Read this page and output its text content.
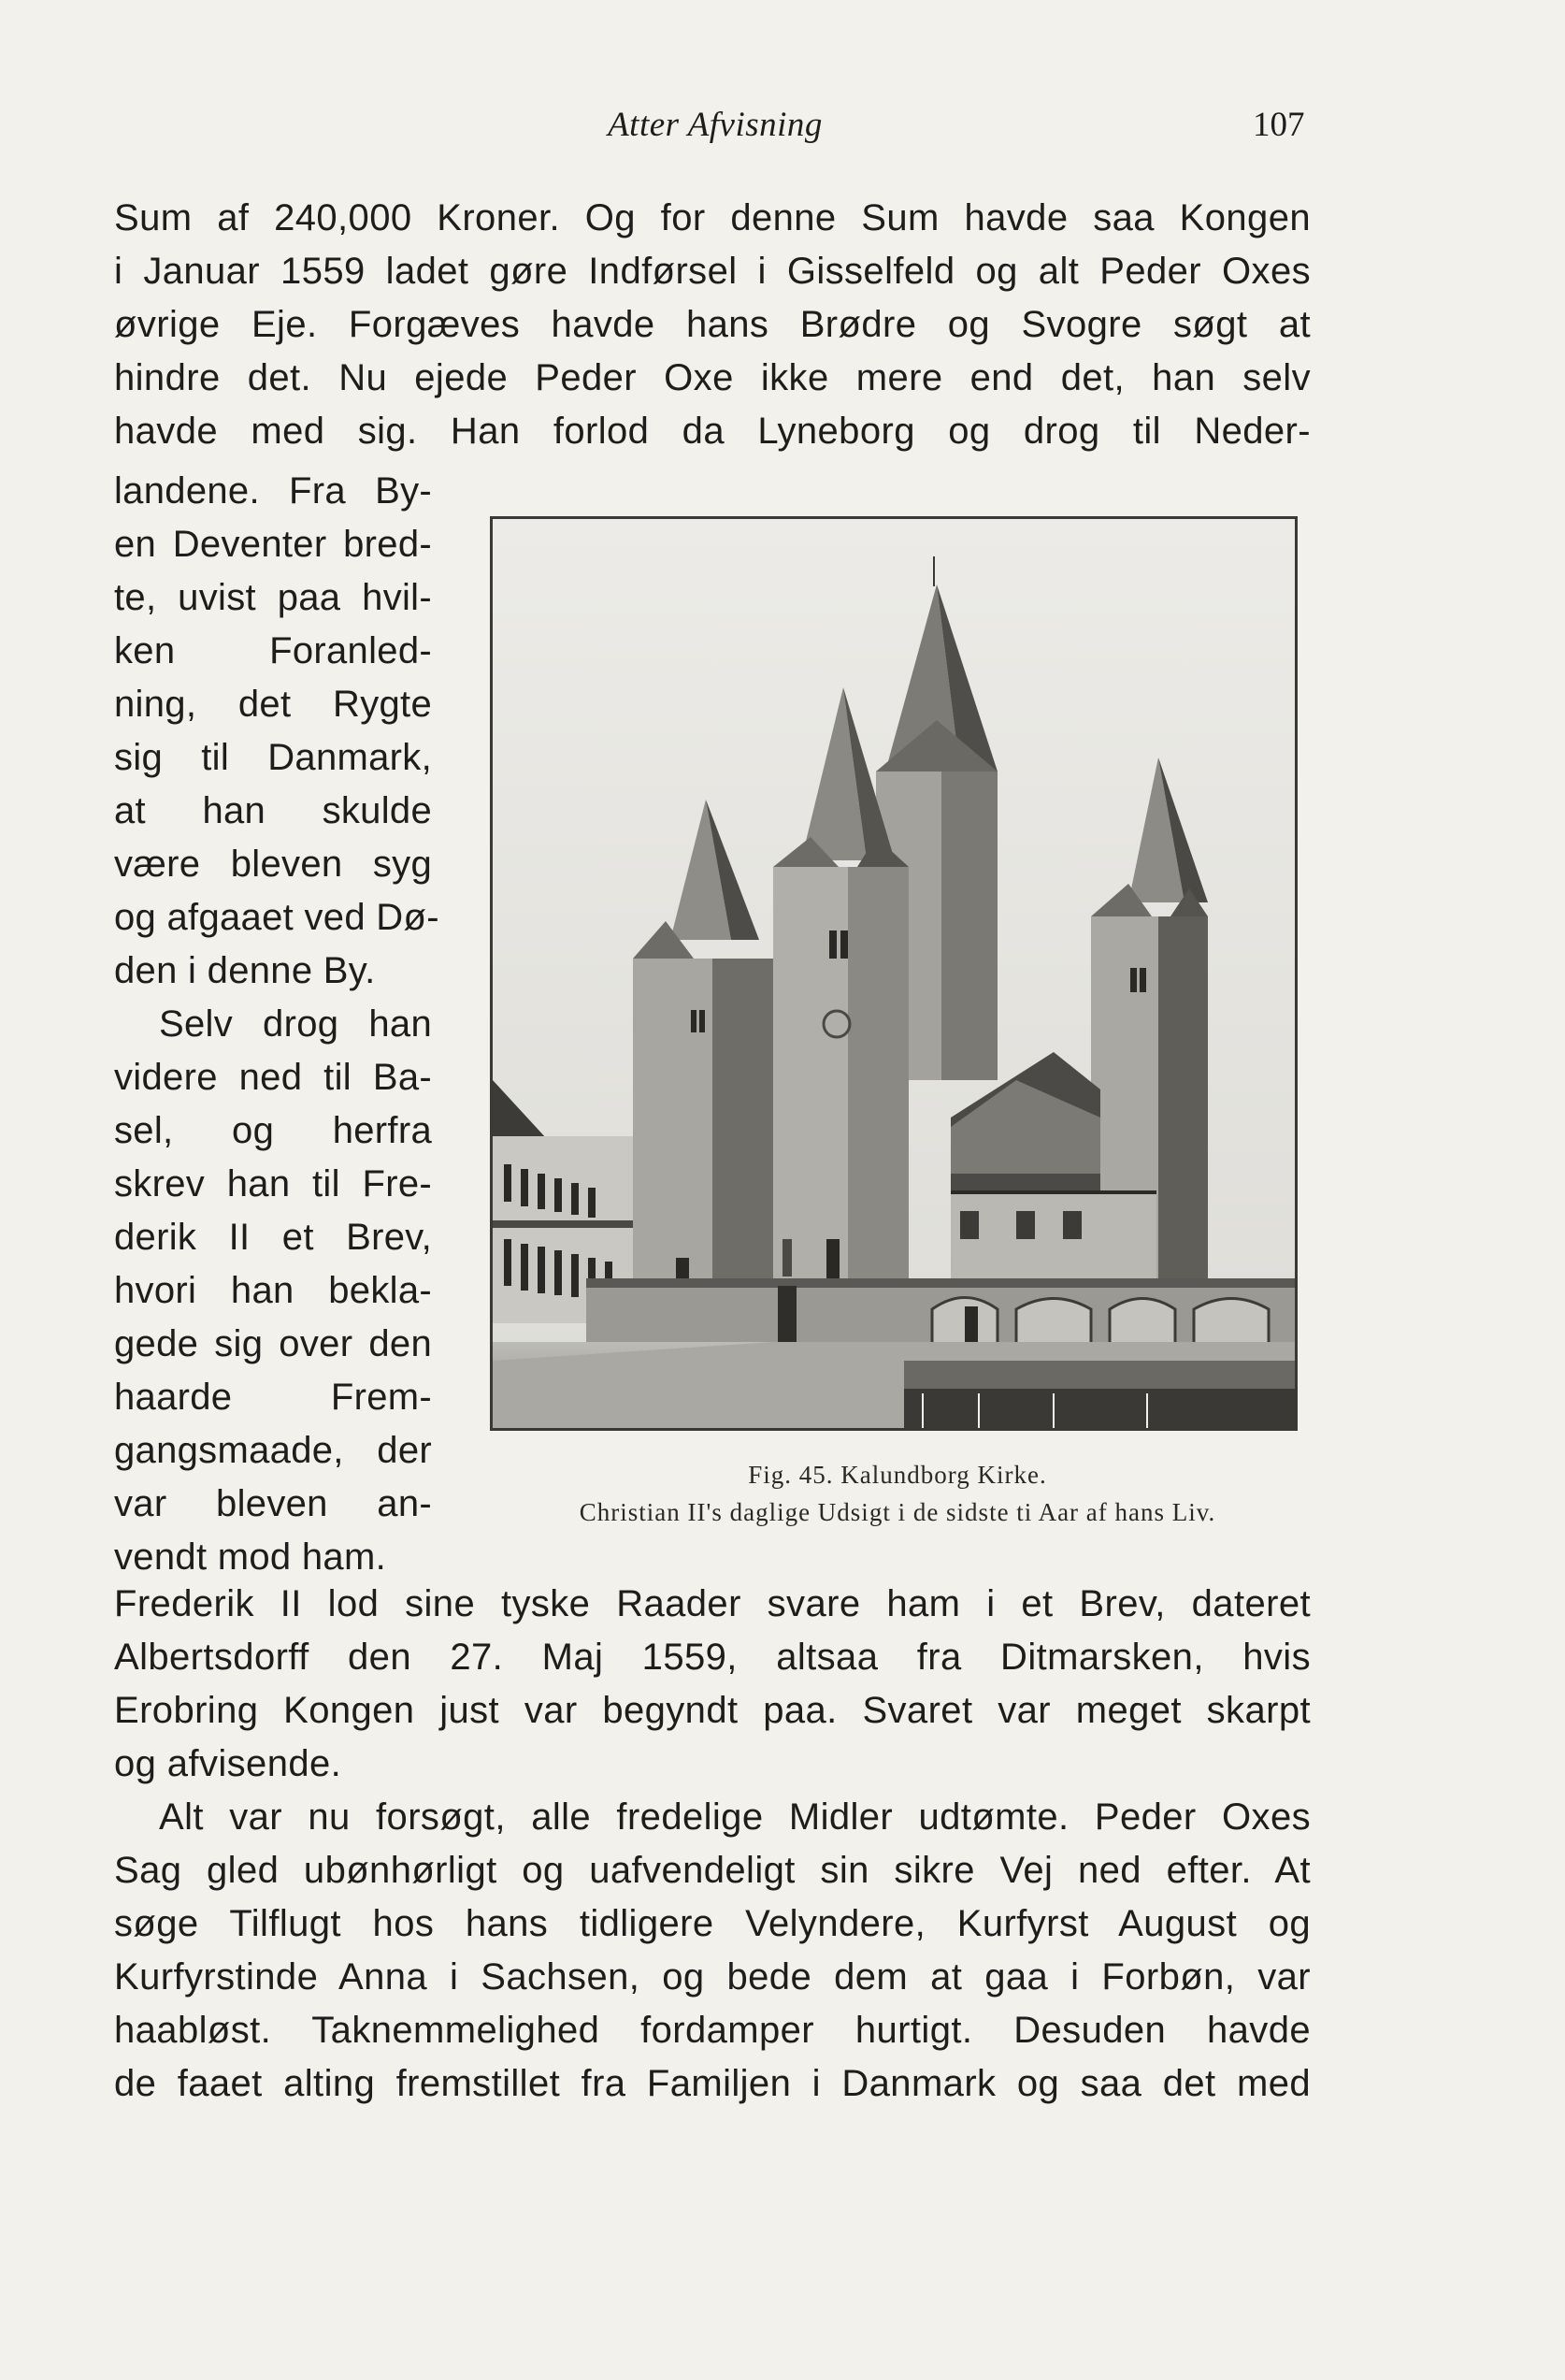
Atter Afvisning	107
Sum af 240,000 Kroner. Og for denne Sum havde saa Kongen
i Januar 1559 ladet gøre Indførsel i Gisselfeld og alt Peder Oxes
øvrige Eje. Forgæves havde hans Brødre og Svogre søgt at
hindre det. Nu ejede Peder Oxe ikke mere end det, han selv
havde med sig. Han forlod da Lyneborg og drog til Neder-
landene. Fra By-
en Deventer bred-
te, uvist paa hvil-
ken Foranled-
ning, det Rygte
sig til Danmark,
at han skulde
være bleven syg
og afgaaet ved Dø-
den i denne By.
Selv drog han
videre ned til Ba-
sel, og herfra
skrev han til Fre-
derik II et Brev,
hvori han bekla-
gede sig over den
haarde Frem-
gangsmaade, der
var bleven an-
vendt mod ham.
Fig. 45. Kalundborg Kirke.
Christian II's daglige Udsigt i de sidste ti Aar af hans Liv.
Frederik II lod sine tyske Raader svare ham i et Brev, dateret
Albertsdorff den 27. Maj 1559, altsaa fra Ditmarsken, hvis
Erobring Kongen just var begyndt paa. Svaret var meget skarpt
og afvisende.
Alt var nu forsøgt, alle fredelige Midler udtømte. Peder Oxes
Sag gled ubønhørligt og uafvendeligt sin sikre Vej ned efter. At
søge Tilflugt hos hans tidligere Velyndere, Kurfyrst August og
Kurfyrstinde Anna i Sachsen, og bede dem at gaa i Forbøn, var
haabløst. Taknemmelighed fordamper hurtigt. Desuden havde
de faaet alting fremstillet fra Familjen i Danmark og saa det med
